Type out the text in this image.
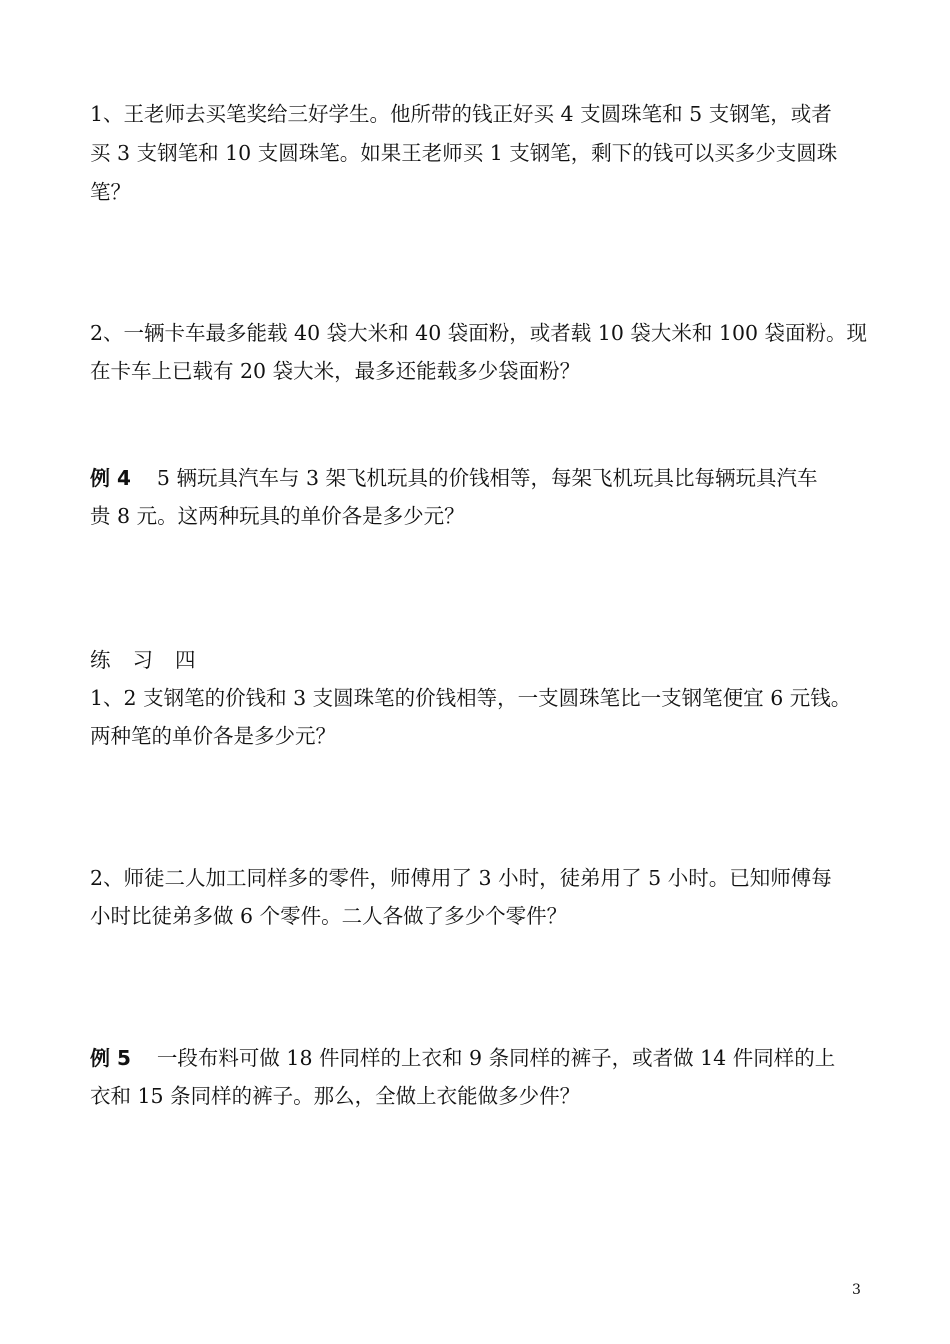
1、王老师去买笔奖给三好学生。他所带的钱正好买 4 支圆珠笔和 5 支钢笔，或者
买 3 支钢笔和 10 支圆珠笔。如果王老师买 1 支钢笔，剩下的钱可以买多少支圆珠
笔？
2、一辆卡车最多能载 40 袋大米和 40 袋面粉，或者载 10 袋大米和 100 袋面粉。现
在卡车上已载有 20 袋大米，最多还能载多少袋面粉？
例 4 5 辆玩具汽车与 3 架飞机玩具的价钱相等，每架飞机玩具比每辆玩具汽车
贵 8 元。这两种玩具的单价各是多少元？
练习四
1、2 支钢笔的价钱和 3 支圆珠笔的价钱相等，一支圆珠笔比一支钢笔便宜 6 元钱。
两种笔的单价各是多少元？
2、师徒二人加工同样多的零件，师傅用了 3 小时，徒弟用了 5 小时。已知师傅每
小时比徒弟多做 6 个零件。二人各做了多少个零件？
例 5 一段布料可做 18 件同样的上衣和 9 条同样的裤子，或者做 14 件同样的上
衣和 15 条同样的裤子。那么，全做上衣能做多少件？
3
